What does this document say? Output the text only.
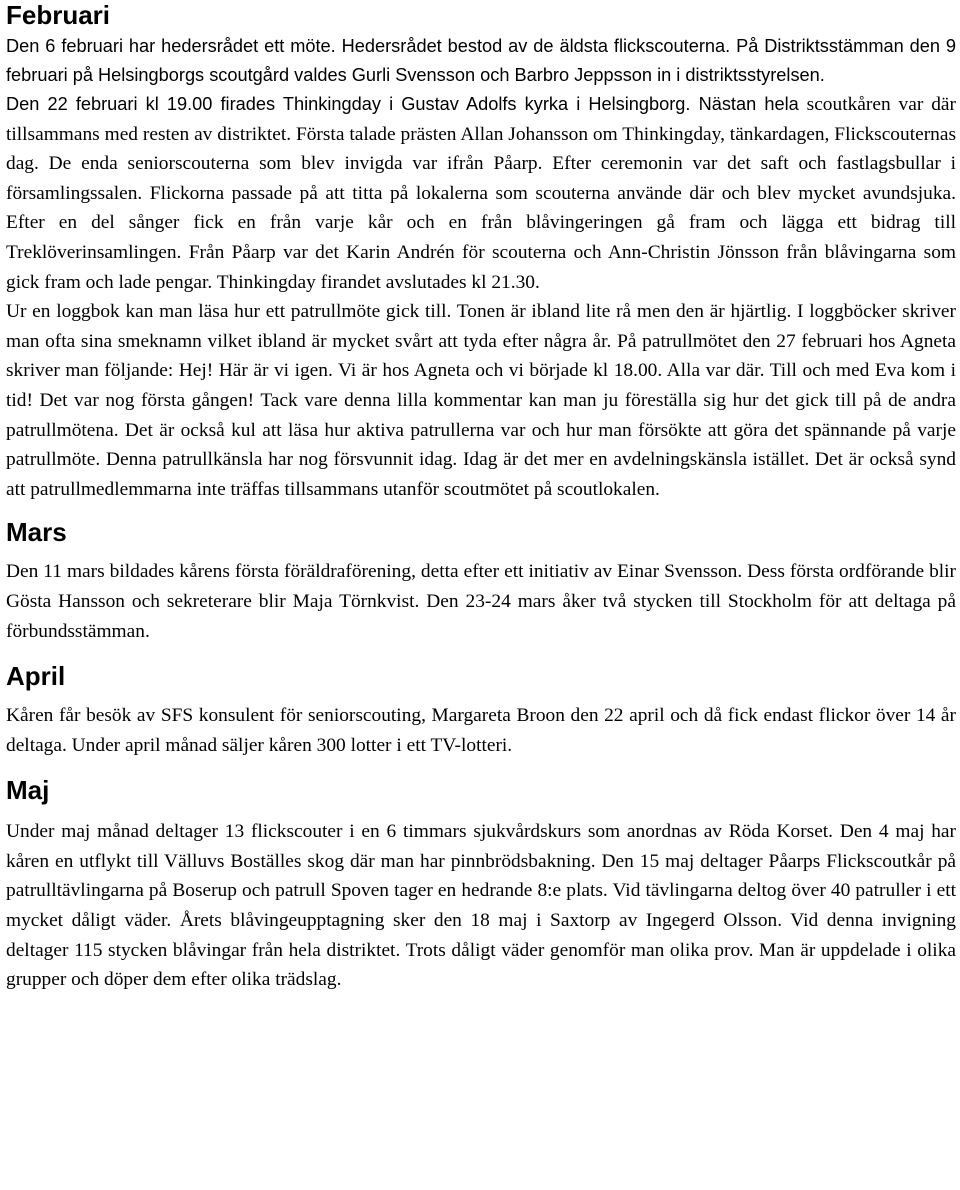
Februari

Den 6 februari har hedersrådet ett möte. Hedersrådet bestod av de äldsta flickscouterna. På Distriktsstämman den 9 februari på Helsingborgs scoutgård valdes Gurli Svensson och Barbro Jeppsson in i distriktsstyrelsen.

Den 22 februari kl 19.00 firades Thinkingday i Gustav Adolfs kyrka i Helsingborg. Nästan hela scoutkåren var där tillsammans med resten av distriktet. Första talade prästen Allan Johansson om Thinkingday, tänkardagen, Flickscouternas dag. De enda seniorscouterna som blev invigda var ifrån Påarp. Efter ceremonin var det saft och fastlagsbullar i församlingssalen. Flickorna passade på att titta på lokalerna som scouterna använde där och blev mycket avundsjuka. Efter en del sånger fick en från varje kår och en från blåvingeringen gå fram och lägga ett bidrag till Treklöverinsamlingen. Från Påarp var det Karin Andrén för scouterna och Ann-Christin Jönsson från blåvingarna som gick fram och lade pengar. Thinkingday firandet avslutades kl 21.30.

Ur en loggbok kan man läsa hur ett patrullmöte gick till. Tonen är ibland lite rå men den är hjärtlig. I loggböcker skriver man ofta sina smeknamn vilket ibland är mycket svårt att tyda efter några år. På patrullmötet den 27 februari hos Agneta skriver man följande: Hej! Här är vi igen. Vi är hos Agneta och vi började kl 18.00. Alla var där. Till och med Eva kom i tid! Det var nog första gången! Tack vare denna lilla kommentar kan man ju föreställa sig hur det gick till på de andra patrullmötena. Det är också kul att läsa hur aktiva patrullerna var och hur man försökte att göra det spännande på varje patrullmöte. Denna patrullkänsla har nog försvunnit idag. Idag är det mer en avdelningskänsla istället. Det är också synd att patrullmedlemmarna inte träffas tillsammans utanför scoutmötet på scoutlokalen.

Mars

Den 11 mars bildades kårens första föräldraförening, detta efter ett initiativ av Einar Svensson. Dess första ordförande blir Gösta Hansson och sekreterare blir Maja Törnkvist. Den 23-24 mars åker två stycken till Stockholm för att deltaga på förbundsstämman.

April

Kåren får besök av SFS konsulent för seniorscouting, Margareta Broon den 22 april och då fick endast flickor över 14 år deltaga. Under april månad säljer kåren 300 lotter i ett TV-lotteri.

Maj

Under maj månad deltager 13 flickscouter i en 6 timmars sjukvårdskurs som anordnas av Röda Korset. Den 4 maj har kåren en utflykt till Välluvs Boställes skog där man har pinnbrödsbakning. Den 15 maj deltager Påarps Flickscoutkår på patrulltävlingarna på Boserup och patrull Spoven tager en hedrande 8:e plats. Vid tävlingarna deltog över 40 patruller i ett mycket dåligt väder. Årets blåvingeupptagning sker den 18 maj i Saxtorp av Ingegerd Olsson. Vid denna invigning deltager 115 stycken blåvingar från hela distriktet. Trots dåligt väder genomför man olika prov. Man är uppdelade i olika grupper och döper dem efter olika trädslag.
